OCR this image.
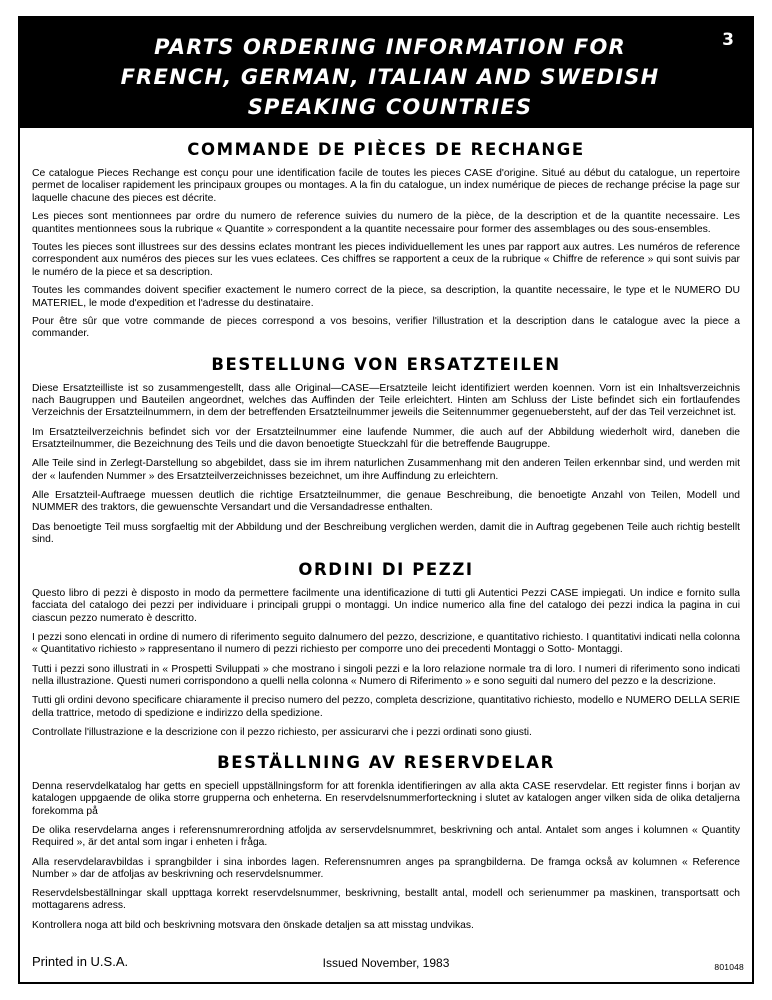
PARTS ORDERING INFORMATION FOR
FRENCH, GERMAN, ITALIAN AND SWEDISH
SPEAKING COUNTRIES
3
COMMANDE DE PIÈCES DE RECHANGE

Ce catalogue Pieces Rechange est conçu pour une identification facile de toutes les pieces CASE d'origine. Situé au début du catalogue, un repertoire permet de localiser rapidement les principaux groupes ou montages. A la fin du catalogue, un index numérique de pieces de rechange précise la page sur laquelle chacune des pieces est décrite.

Les pieces sont mentionnees par ordre du numero de reference suivies du numero de la pièce, de la description et de la quantite necessaire. Les quantites mentionnees sous la rubrique « Quantite » correspondent a la quantite necessaire pour former des assemblages ou des sous-ensembles.

Toutes les pieces sont illustrees sur des dessins eclates montrant les pieces individuellement les unes par rapport aux autres. Les numéros de reference correspondent aux numéros des pieces sur les vues eclatees. Ces chiffres se rapportent a ceux de la rubrique « Chiffre de reference » qui sont suivis par le numéro de la piece et sa description.

Toutes les commandes doivent specifier exactement le numero correct de la piece, sa description, la quantite necessaire, le type et le NUMERO DU MATERIEL, le mode d'expedition et l'adresse du destinataire.

Pour être sûr que votre commande de pieces correspond a vos besoins, verifier l'illustration et la description dans le catalogue avec la piece a commander.

BESTELLUNG VON ERSATZTEILEN

Diese Ersatzteilliste ist so zusammengestellt, dass alle Original—CASE—Ersatzteile leicht identifiziert werden koennen. Vorn ist ein Inhaltsverzeichnis nach Baugruppen und Bauteilen angeordnet, welches das Auffinden der Teile erleichtert. Hinten am Schluss der Liste befindet sich ein fortlaufendes Verzeichnis der Ersatzteilnummern, in dem der betreffenden Ersatzteilnummer jeweils die Seitennummer gegenuebersteht, auf der das Teil verzeichnet ist.

Im Ersatzteilverzeichnis befindet sich vor der Ersatzteilnummer eine laufende Nummer, die auch auf der Abbildung wiederholt wird, daneben die Ersatzteilnummer, die Bezeichnung des Teils und die davon benoetigte Stueckzahl für die betreffende Baugruppe.

Alle Teile sind in Zerlegt-Darstellung so abgebildet, dass sie im ihrem naturlichen Zusammenhang mit den anderen Teilen erkennbar sind, und werden mit der « laufenden Nummer » des Ersatzteilverzeichnisses bezeichnet, um ihre Auffindung zu erleichtern.

Alle Ersatzteil-Auftraege muessen deutlich die richtige Ersatzteilnummer, die genaue Beschreibung, die benoetigte Anzahl von Teilen, Modell und NUMMER des traktors, die gewuenschte Versandart und die Versandadresse enthalten.

Das benoetigte Teil muss sorgfaeltig mit der Abbildung und der Beschreibung verglichen werden, damit die in Auftrag gegebenen Teile auch richtig bestellt sind.

ORDINI DI PEZZI

Questo libro di pezzi è disposto in modo da permettere facilmente una identificazione di tutti gli Autentici Pezzi CASE impiegati. Un indice e fornito sulla facciata del catalogo dei pezzi per individuare i principali gruppi o montaggi. Un indice numerico alla fine del catalogo dei pezzi indica la pagina in cui ciascun pezzo numerato è descritto.

I pezzi sono elencati in ordine di numero di riferimento seguito dalnumero del pezzo, descrizione, e quantitativo richiesto. I quantitativi indicati nella colonna « Quantitativo richiesto » rappresentano il numero di pezzi richiesto per comporre uno dei precedenti Montaggi o Sotto- Montaggi.

Tutti i pezzi sono illustrati in « Prospetti Sviluppati » che mostrano i singoli pezzi e la loro relazione normale tra di loro. I numeri di riferimento sono indicati nella illustrazione. Questi numeri corrispondono a quelli nella colonna « Numero di Riferimento » e sono seguiti dal numero del pezzo e la descrizione.

Tutti gli ordini devono specificare chiaramente il preciso numero del pezzo, completa descrizione, quantitativo richiesto, modello e NUMERO DELLA SERIE della trattrice, metodo di spedizione e indirizzo della spedizione.

Controllate l'illustrazione e la descrizione con il pezzo richiesto, per assicurarvi che i pezzi ordinati sono giusti.

BESTÄLLNING AV RESERVDELAR

Denna reservdelkatalog har getts en speciell uppställningsform for att forenkla identifieringen av alla akta CASE reservdelar. Ett register finns i borjan av katalogen uppgaende de olika storre grupperna och enheterna. En reservdelsnummerforteckning i slutet av katalogen anger vilken sida de olika detaljerna forekomma på

De olika reservdelarna anges i referensnumrerordning atfoljda av serservdelsnummret, beskrivning och antal. Antalet som anges i kolumnen « Quantity Required », är det antal som ingar i enheten i fråga.

Alla reservdelaravbildas i sprangbilder i sina inbordes lagen. Referensnumren anges pa sprangbilderna. De framga också av kolumnen « Reference Number » dar de atfoljas av beskrivning och reservdelsnummer.

Reservdelsbeställningar skall uppttaga korrekt reservdelsnummer, beskrivning, bestallt antal, modell och serienummer pa maskinen, transportsatt och mottagarens adress.

Kontrollera noga att bild och beskrivning motsvara den önskade detaljen sa att misstag undvikas.

Printed in U.S.A.	Issued November, 1983	801048
